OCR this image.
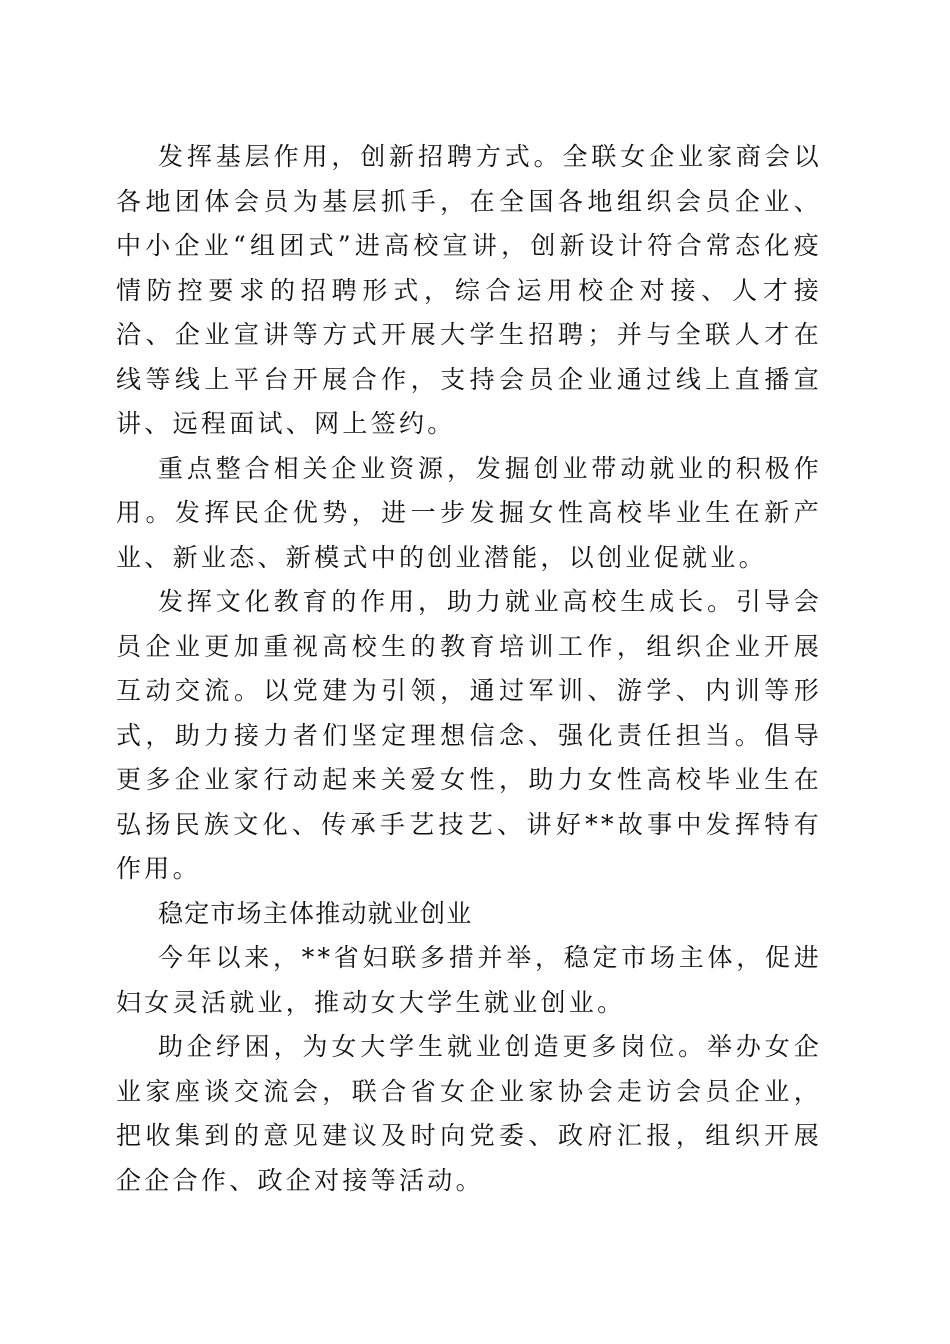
发挥基层作用，创新招聘方式。全联女企业家商会以各地团体会员为基层抓手，在全国各地组织会员企业、中小企业“组团式”进高校宣讲，创新设计符合常态化疫情防控要求的招聘形式，综合运用校企对接、人才接洽、企业宣讲等方式开展大学生招聘；并与全联人才在线等线上平台开展合作，支持会员企业通过线上直播宣讲、远程面试、网上签约。

重点整合相关企业资源，发掘创业带动就业的积极作用。发挥民企优势，进一步发掘女性高校毕业生在新产业、新业态、新模式中的创业潜能，以创业促就业。

发挥文化教育的作用，助力就业高校生成长。引导会员企业更加重视高校生的教育培训工作，组织企业开展互动交流。以党建为引领，通过军训、游学、内训等形式，助力接力者们坚定理想信念、强化责任担当。倡导更多企业家行动起来关爱女性，助力女性高校毕业生在弘扬民族文化、传承手艺技艺、讲好**故事中发挥特有作用。

稳定市场主体推动就业创业

今年以来，**省妇联多措并举，稳定市场主体，促进妇女灵活就业，推动女大学生就业创业。

助企纾困，为女大学生就业创造更多岗位。举办女企业家座谈交流会，联合省女企业家协会走访会员企业，把收集到的意见建议及时向党委、政府汇报，组织开展企企合作、政企对接等活动。
